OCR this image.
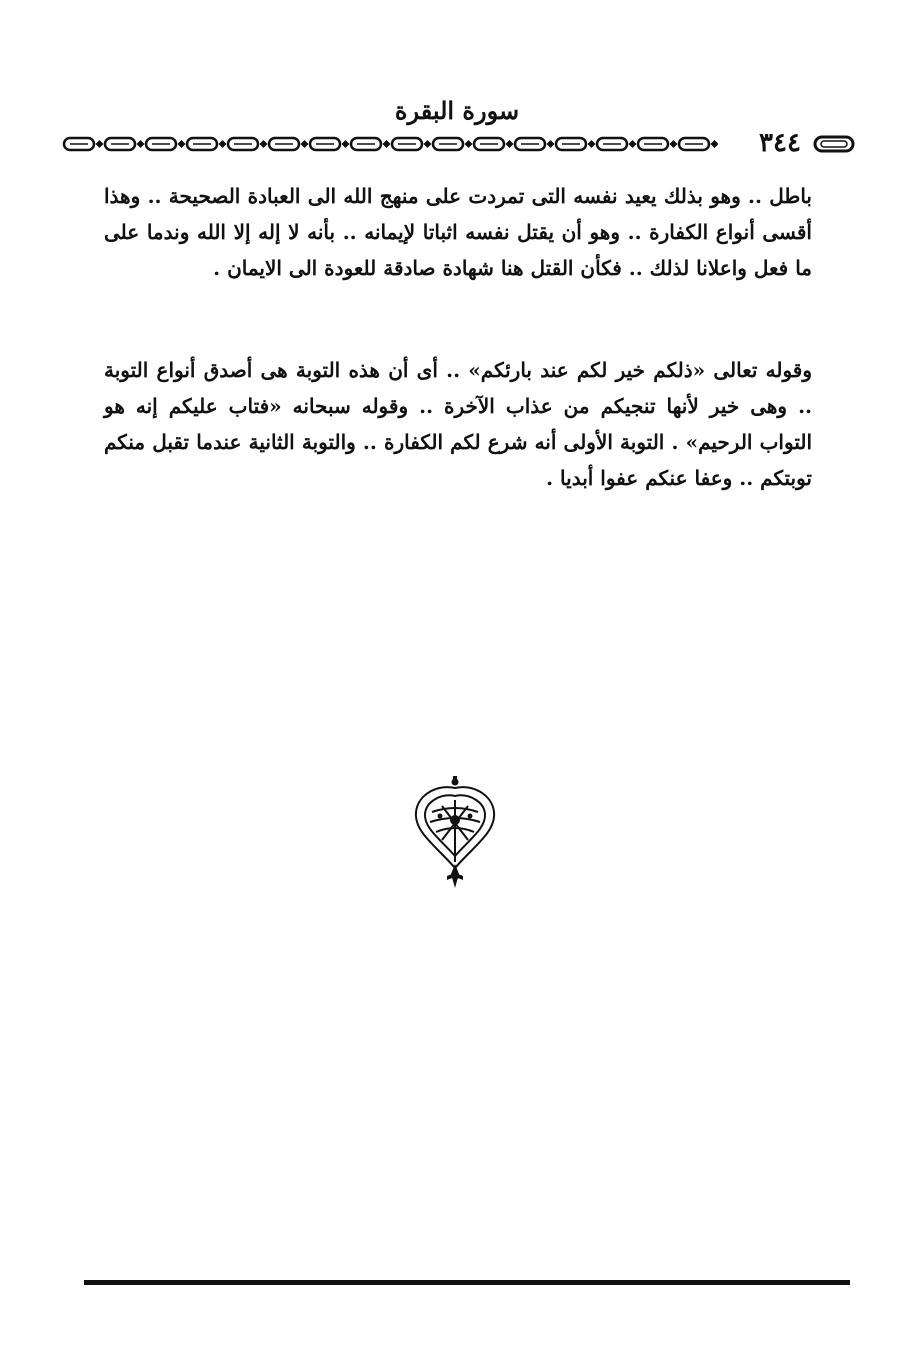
سورة البقرة
٣٤٤
باطل .. وهو بذلك يعيد نفسه التى تمردت على منهج الله الى العبادة الصحيحة .. وهذا أقسى أنواع الكفارة .. وهو أن يقتل نفسه اثباتا لإيمانه .. بأنه لا إله إلا الله وندما على ما فعل واعلانا لذلك .. فكأن القتل هنا شهادة صادقة للعودة الى الايمان .
وقوله تعالى «ذلكم خير لكم عند بارئكم» .. أى أن هذه التوبة هى أصدق أنواع التوبة .. وهى خير لأنها تنجيكم من عذاب الآخرة .. وقوله سبحانه «فتاب عليكم إنه هو التواب الرحيم» . التوبة الأولى أنه شرع لكم الكفارة .. والتوبة الثانية عندما تقبل منكم توبتكم .. وعفا عنكم عفوا أبديا .
